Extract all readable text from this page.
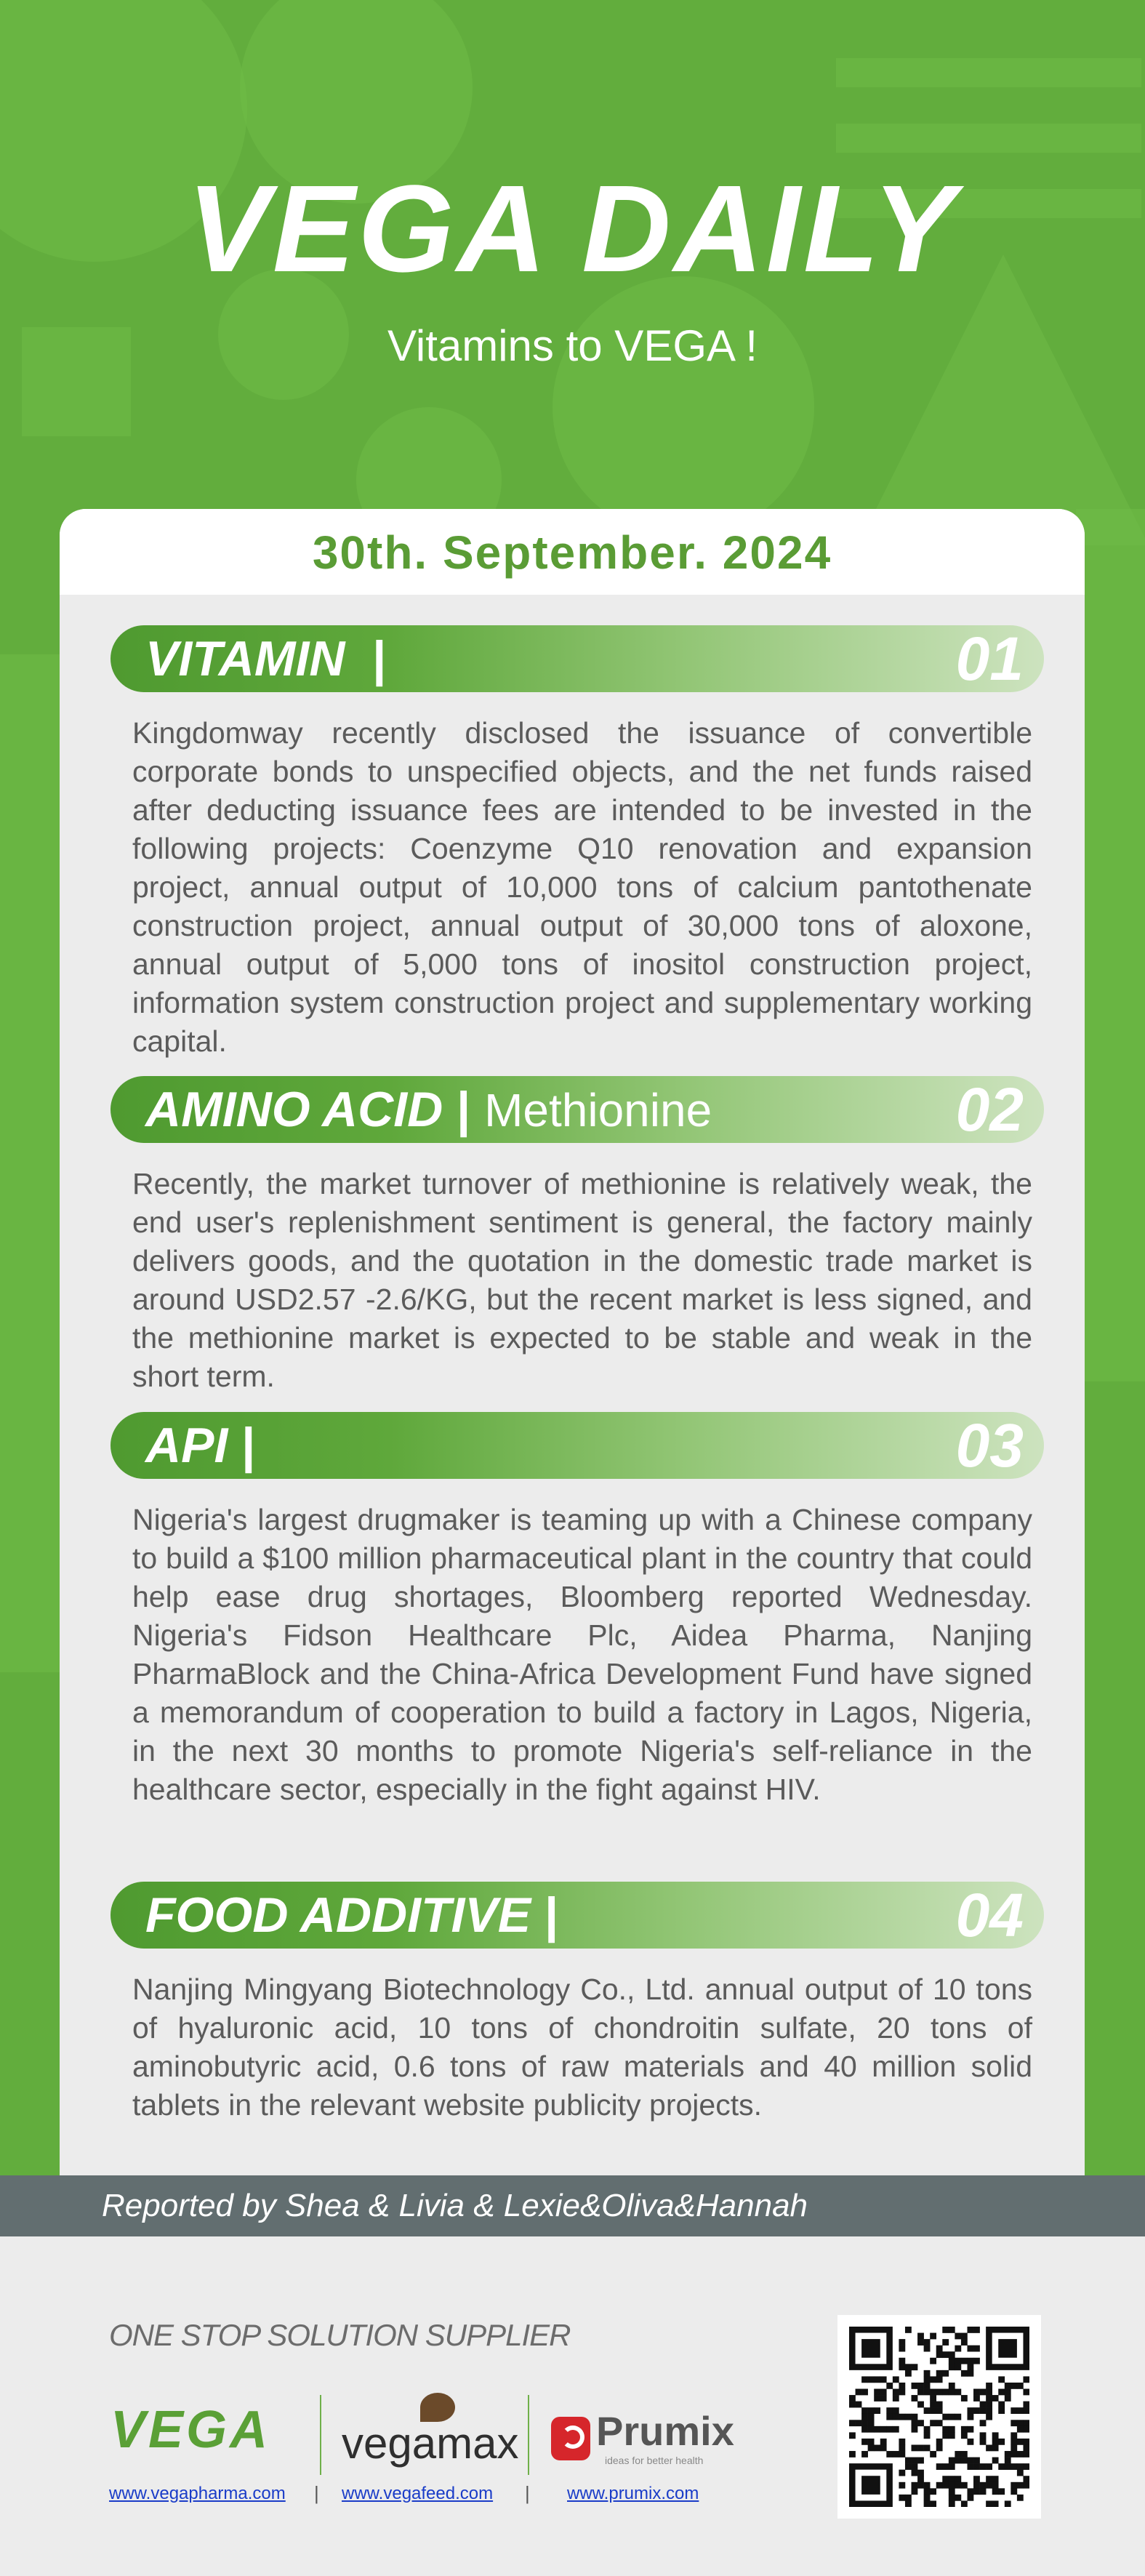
VEGA DAILY
Vitamins to VEGA !
30th. September. 2024
VITAMIN |	01

Kingdomway recently disclosed the issuance of convertible corporate bonds to unspecified objects, and the net funds raised after deducting issuance fees are intended to be invested in the following projects: Coenzyme Q10 renovation and expansion project, annual output of 10,000 tons of calcium pantothenate construction project, annual output of 30,000 tons of aloxone, annual output of 5,000 tons of inositol construction project, information system construction project and supplementary working capital.

AMINO ACID | Methionine	02

Recently, the market turnover of methionine is relatively weak, the end user's replenishment sentiment is general, the factory mainly delivers goods, and the quotation in the domestic trade market is around USD2.57 -2.6/KG, but the recent market is less signed, and the methionine market is expected to be stable and weak in the short term.

API |	03

Nigeria's largest drugmaker is teaming up with a Chinese company to build a $100 million pharmaceutical plant in the country that could help ease drug shortages, Bloomberg reported Wednesday. Nigeria's Fidson Healthcare Plc, Aidea Pharma, Nanjing PharmaBlock and the China-Africa Development Fund have signed a memorandum of cooperation to build a factory in Lagos, Nigeria, in the next 30 months to promote Nigeria's self-reliance in the healthcare sector, especially in the fight against HIV.

FOOD ADDITIVE |	04

Nanjing Mingyang Biotechnology Co., Ltd. annual output of 10 tons of hyaluronic acid, 10 tons of chondroitin sulfate, 20 tons of aminobutyric acid, 0.6 tons of raw materials and 40 million solid tablets in the relevant website publicity projects.

Reported by Shea & Livia & Lexie&Oliva&Hannah
ONE STOP SOLUTION SUPPLIER
VEGA vegamax Prumix
ideas for better health
www.vegapharma.com | www.vegafeed.com | www.prumix.com
